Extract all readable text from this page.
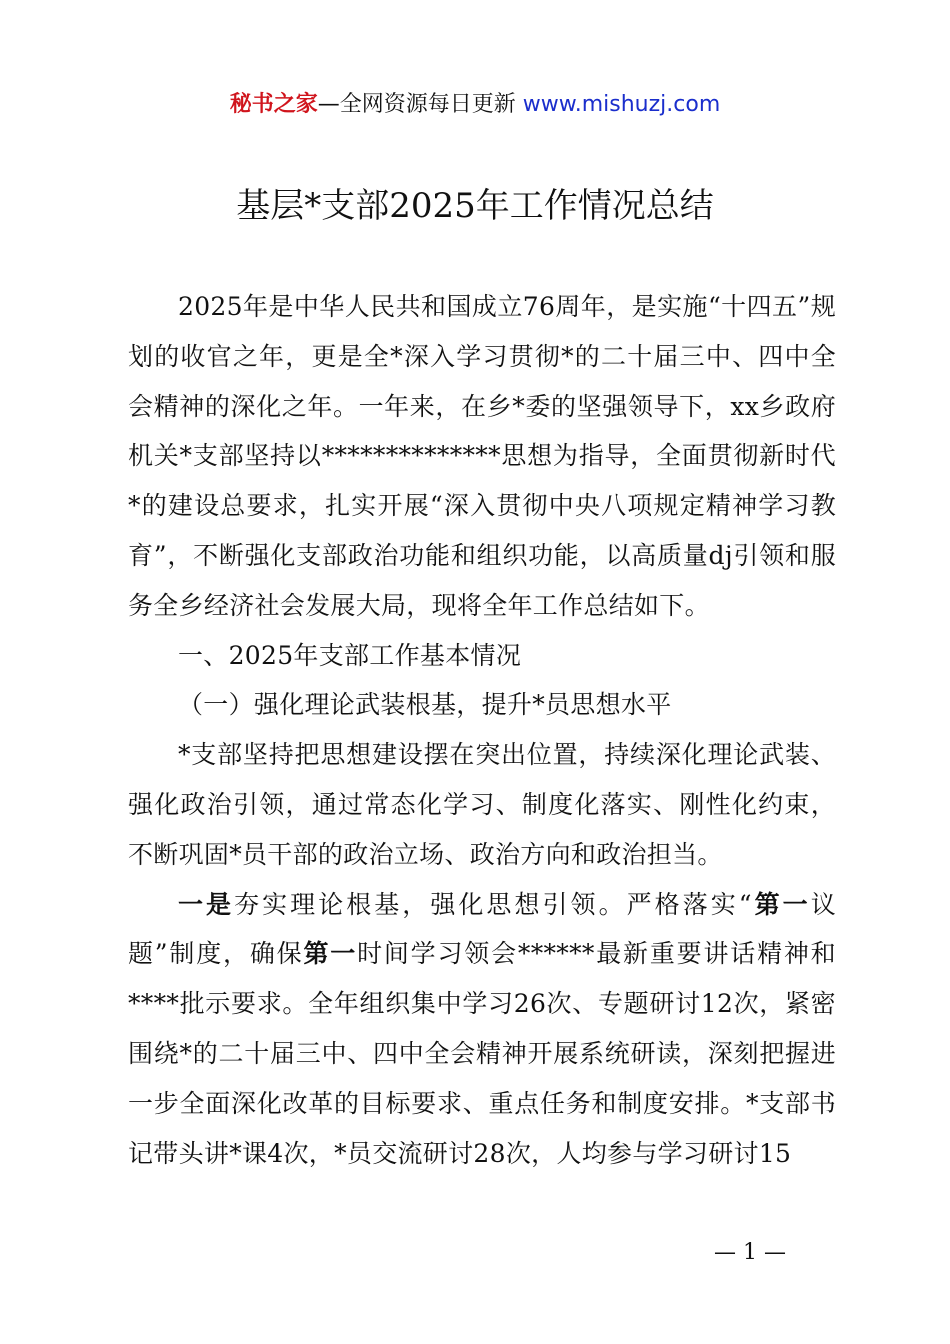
秘书之家—全网资源每日更新 www.mishuzj.com
基层*支部2025年工作情况总结

2025年是中华人民共和国成立76周年，是实施“十四五”规划的收官之年，更是全*深入学习贯彻*的二十届三中、四中全会精神的深化之年。一年来，在乡*委的坚强领导下，xx乡政府机关*支部坚持以**************思想为指导，全面贯彻新时代*的建设总要求，扎实开展“深入贯彻中央八项规定精神学习教育”，不断强化支部政治功能和组织功能，以高质量dj引领和服务全乡经济社会发展大局，现将全年工作总结如下。

一、2025年支部工作基本情况

（一）强化理论武装根基，提升*员思想水平

*支部坚持把思想建设摆在突出位置，持续深化理论武装、强化政治引领，通过常态化学习、制度化落实、刚性化约束，不断巩固*员干部的政治立场、政治方向和政治担当。

一是夯实理论根基，强化思想引领。严格落实“第一议题”制度，确保第一时间学习领会******最新重要讲话精神和****批示要求。全年组织集中学习26次、专题研讨12次，紧密围绕*的二十届三中、四中全会精神开展系统研读，深刻把握进一步全面深化改革的目标要求、重点任务和制度安排。*支部书记带头讲*课4次，*员交流研讨28次，人均参与学习研讨15

— 1 —
